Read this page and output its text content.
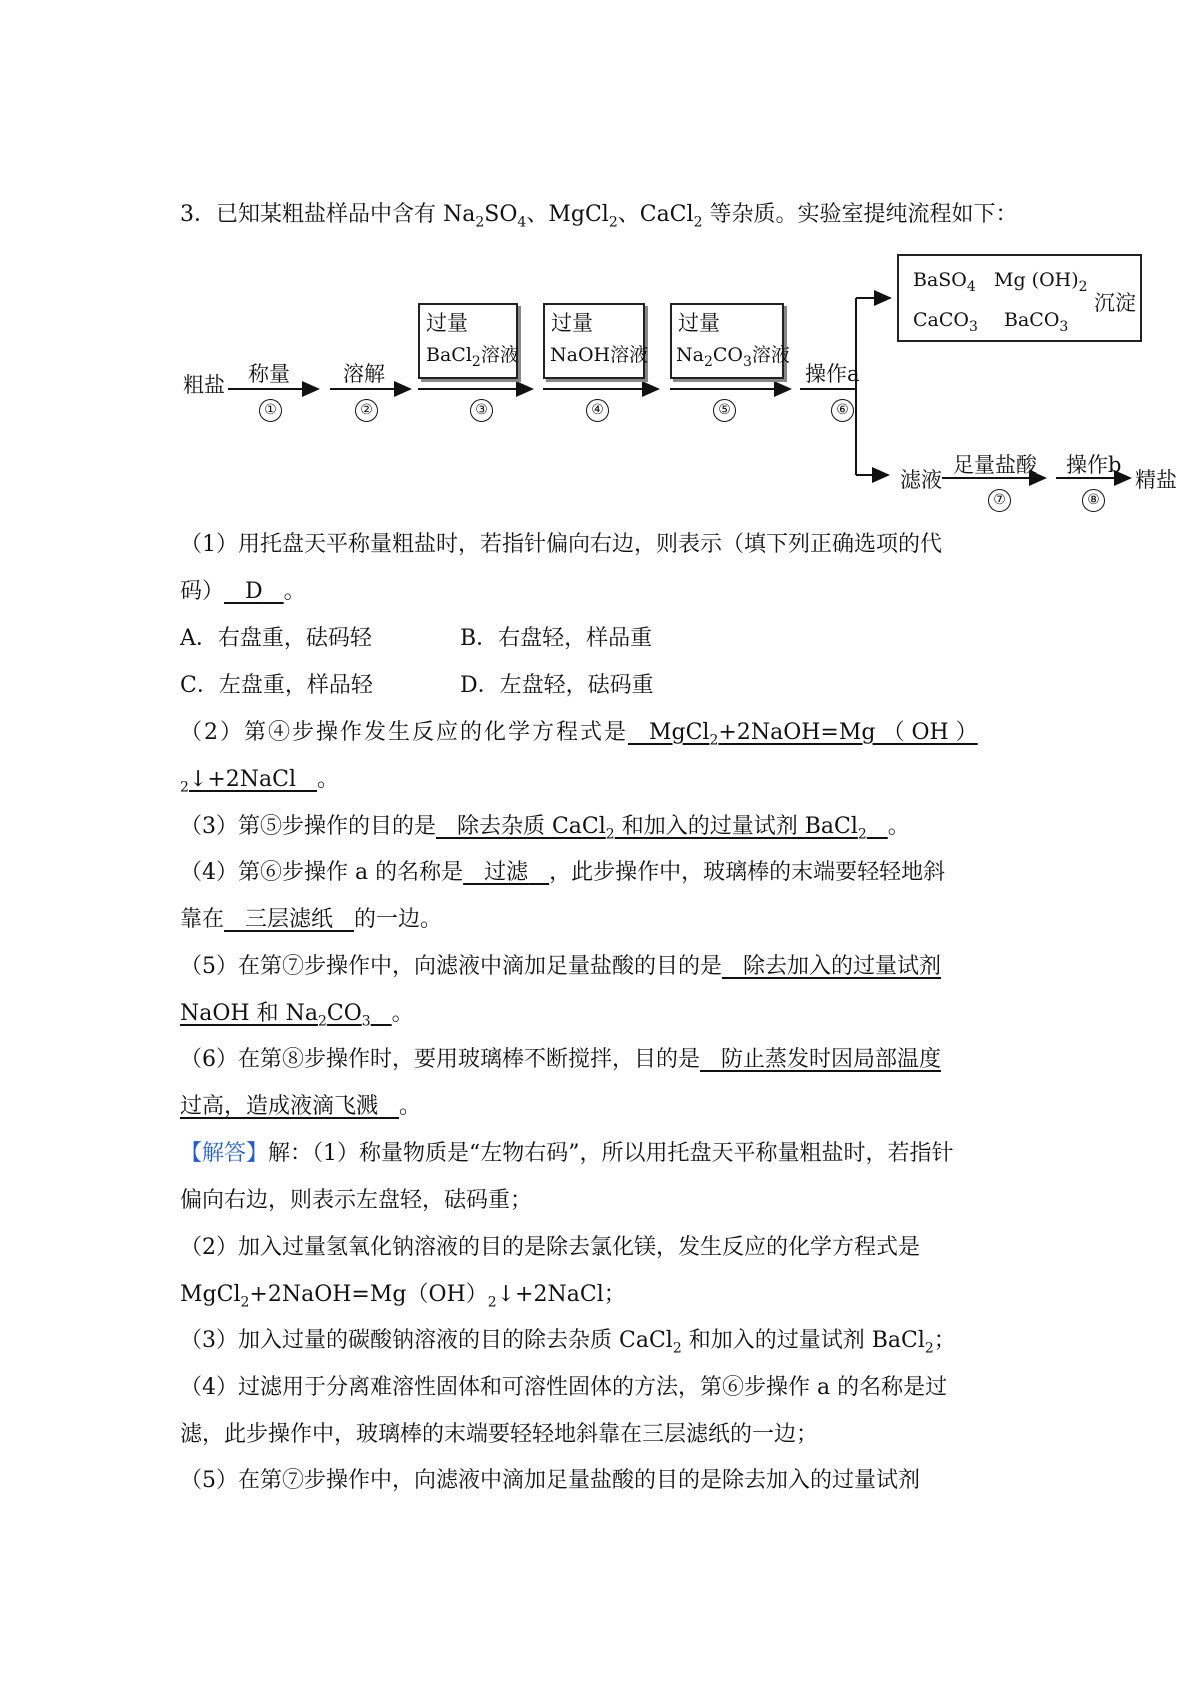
3．已知某粗盐样品中含有 $Na_2SO_4$、MgCl$_2$、CaCl$_2$ 等杂质。实验室提纯流程如下：
粗盐 称量
①
溶解
②
过量
BaCl$_2$溶液
③
过量
NaOH溶液
④
过量
$Na_2CO_3$溶液
⑤
操作a
⑥
BaSO$_4$ Mg $(OH)_2$
CaCO$_3$ BaCO$_3$
沉淀
滤液
足量盐酸
⑦
操作b
⑧
精盐
（1）用托盘天平称量粗盐时，若指针偏向右边，则表示（填下列正确选项的代
码） D 。
A．右盘重，砝码轻	B．右盘轻，样品重
C．左盘重，样品轻	D．左盘轻，砝码重
（2）第④步操作发生反应的化学方程式是 MgCl$_2$+2NaOH=Mg （ OH ）
$_2$↓+2NaCl 。
（3）第⑤步操作的目的是 除去杂质 CaCl$_2$ 和加入的过量试剂 BaCl$_2$ 。
（4）第⑥步操作 a 的名称是 过滤 ，此步操作中，玻璃棒的末端要轻轻地斜
靠在 三层滤纸 的一边。
（5）在第⑦步操作中，向滤液中滴加足量盐酸的目的是 除去加入的过量试剂
NaOH 和 $Na_2CO_3$ 。
（6）在第⑧步操作时，要用玻璃棒不断搅拌，目的是 防止蒸发时因局部温度
过高，造成液滴飞溅 。
【解答】解：（1）称量物质是“左物右码”，所以用托盘天平称量粗盐时，若指针
偏向右边，则表示左盘轻，砝码重；
（2）加入过量氢氧化钠溶液的目的是除去氯化镁，发生反应的化学方程式是
$MgCl_2+2NaOH=Mg(OH)_2↓+2NaCl$；
（3）加入过量的碳酸钠溶液的目的除去杂质 CaCl$_2$ 和加入的过量试剂 BaCl$_2$；
（4）过滤用于分离难溶性固体和可溶性固体的方法，第⑥步操作 a 的名称是过
滤，此步操作中，玻璃棒的末端要轻轻地斜靠在三层滤纸的一边；
（5）在第⑦步操作中，向滤液中滴加足量盐酸的目的是除去加入的过量试剂
